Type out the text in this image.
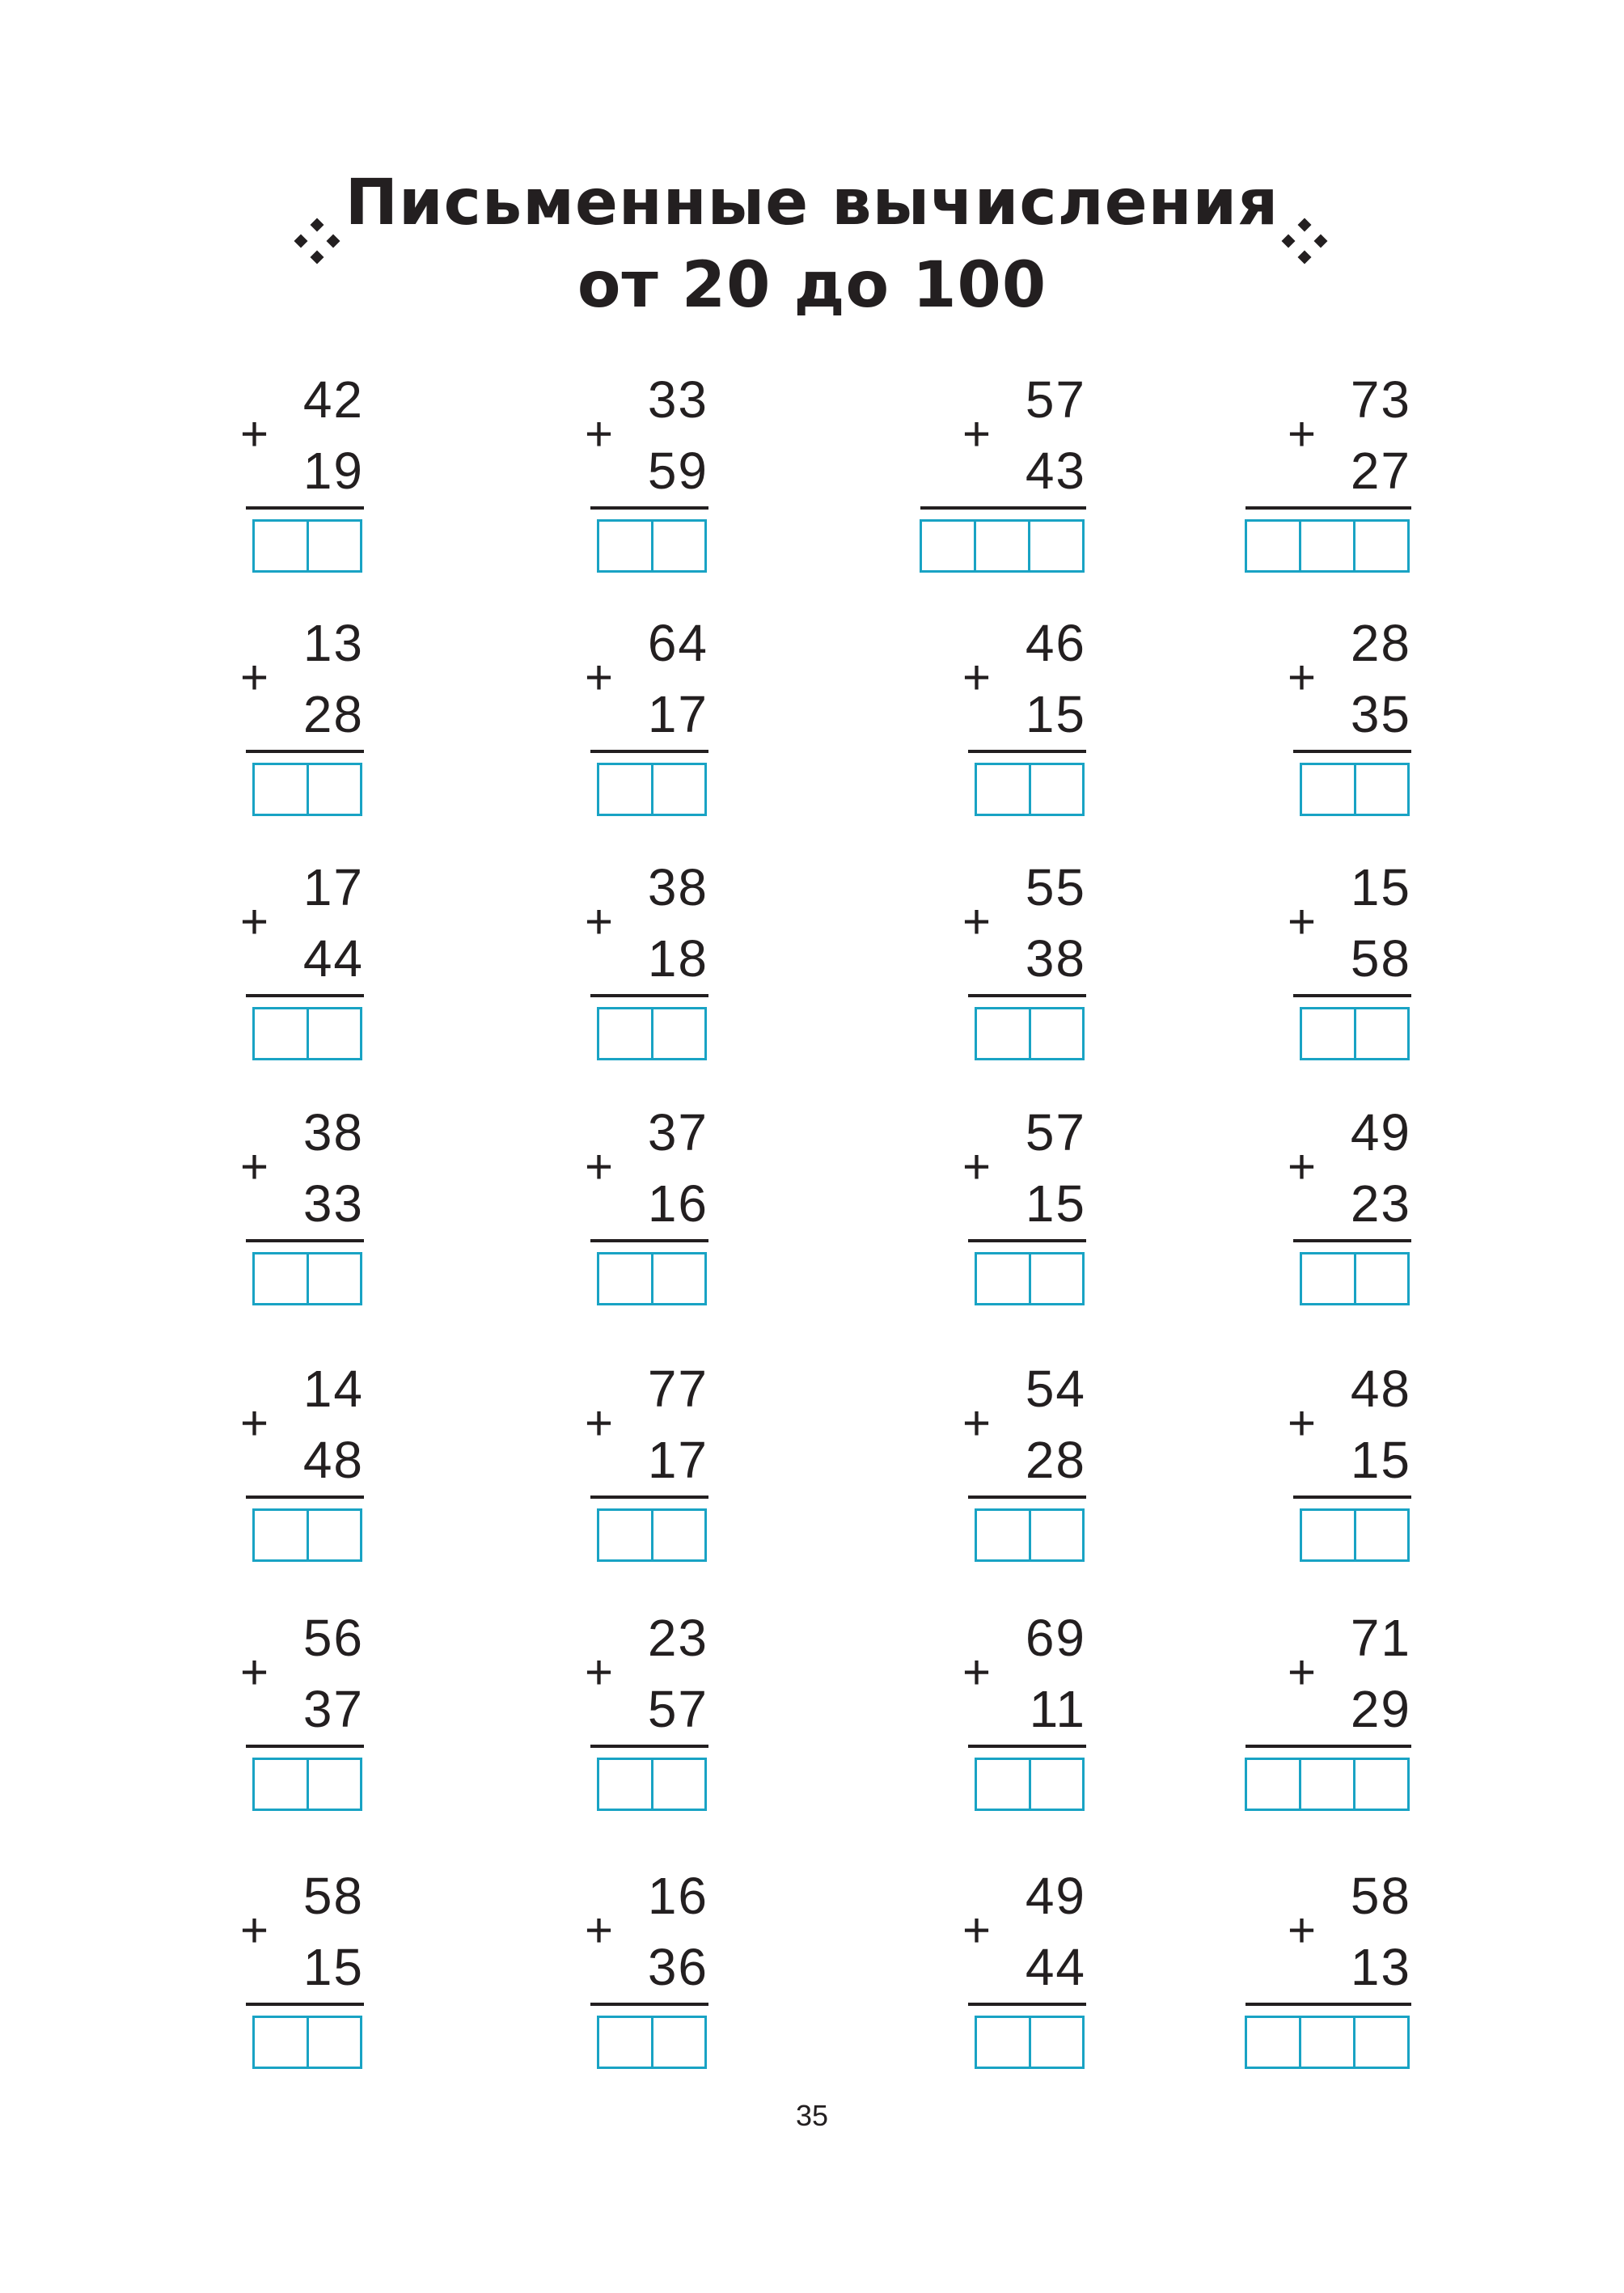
Письменные вычисления
от 20 до 100
42
+
19
33
+
59
57
+
43
73
+
27
13
+
28
64
+
17
46
+
15
28
+
35
17
+
44
38
+
18
55
+
38
15
+
58
38
+
33
37
+
16
57
+
15
49
+
23
14
+
48
77
+
17
54
+
28
48
+
15
56
+
37
23
+
57
69
+
11
71
+
29
58
+
15
16
+
36
49
+
44
58
+
13
35
